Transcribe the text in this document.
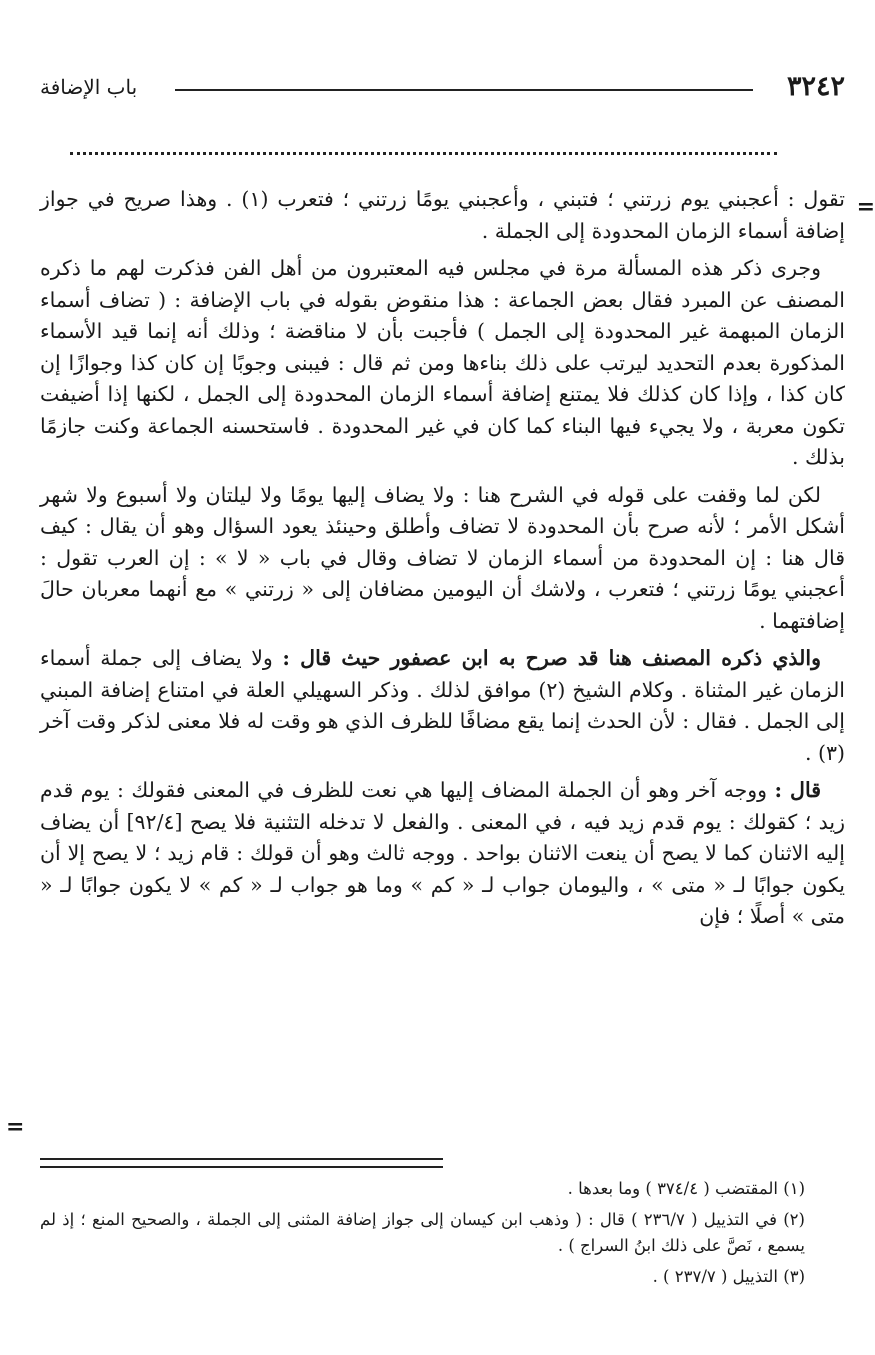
٣٢٤٢
باب الإضافة
=
=

تقول : أعجبني يوم زرتني ؛ فتبني ، وأعجبني يومًا زرتني ؛ فتعرب (١) . وهذا صريح في جواز إضافة أسماء الزمان المحدودة إلى الجملة .

وجرى ذكر هذه المسألة مرة في مجلس فيه المعتبرون من أهل الفن فذكرت لهم ما ذكره المصنف عن المبرد فقال بعض الجماعة : هذا منقوض بقوله في باب الإضافة : ( تضاف أسماء الزمان المبهمة غير المحدودة إلى الجمل ) فأجبت بأن لا مناقضة ؛ وذلك أنه إنما قيد الأسماء المذكورة بعدم التحديد ليرتب على ذلك بناءها ومن ثم قال : فيبنى وجوبًا إن كان كذا وجوازًا إن كان كذا ، وإذا كان كذلك فلا يمتنع إضافة أسماء الزمان المحدودة إلى الجمل ، لكنها إذا أضيفت تكون معربة ، ولا يجيء فيها البناء كما كان في غير المحدودة . فاستحسنه الجماعة وكنت جازمًا بذلك .

لكن لما وقفت على قوله في الشرح هنا : ولا يضاف إليها يومًا ولا ليلتان ولا أسبوع ولا شهر أشكل الأمر ؛ لأنه صرح بأن المحدودة لا تضاف وأطلق وحينئذ يعود السؤال وهو أن يقال : كيف قال هنا : إن المحدودة من أسماء الزمان لا تضاف وقال في باب « لا » : إن العرب تقول : أعجبني يومًا زرتني ؛ فتعرب ، ولاشك أن اليومين مضافان إلى « زرتني » مع أنهما معربان حالَ إضافتهما .

والذي ذكره المصنف هنا قد صرح به ابن عصفور حيث قال : ولا يضاف إلى جملة أسماء الزمان غير المثناة . وكلام الشيخ (٢) موافق لذلك . وذكر السهيلي العلة في امتناع إضافة المبني إلى الجمل . فقال : لأن الحدث إنما يقع مضافًا للظرف الذي هو وقت له فلا معنى لذكر وقت آخر (٣) .

قال : ووجه آخر وهو أن الجملة المضاف إليها هي نعت للظرف في المعنى فقولك : يوم قدم زيد ؛ كقولك : يوم قدم زيد فيه ، في المعنى . والفعل لا تدخله التثنية فلا يصح [٩٢/٤] أن يضاف إليه الاثنان كما لا يصح أن ينعت الاثنان بواحد . ووجه ثالث وهو أن قولك : قام زيد ؛ لا يصح إلا أن يكون جوابًا لـ « متى » ، واليومان جواب لـ « كم » وما هو جواب لـ « كم » لا يكون جوابًا لـ « متى » أصلًا ؛ فإن

(١) المقتضب ( ٣٧٤/٤ ) وما بعدها .

(٢) في التذييل ( ٢٣٦/٧ ) قال : ( وذهب ابن كيسان إلى جواز إضافة المثنى إلى الجملة ، والصحيح المنع ؛ إذ لم يسمع ، نَصَّ على ذلك ابنُ السراج ) .

(٣) التذييل ( ٢٣٧/٧ ) .
